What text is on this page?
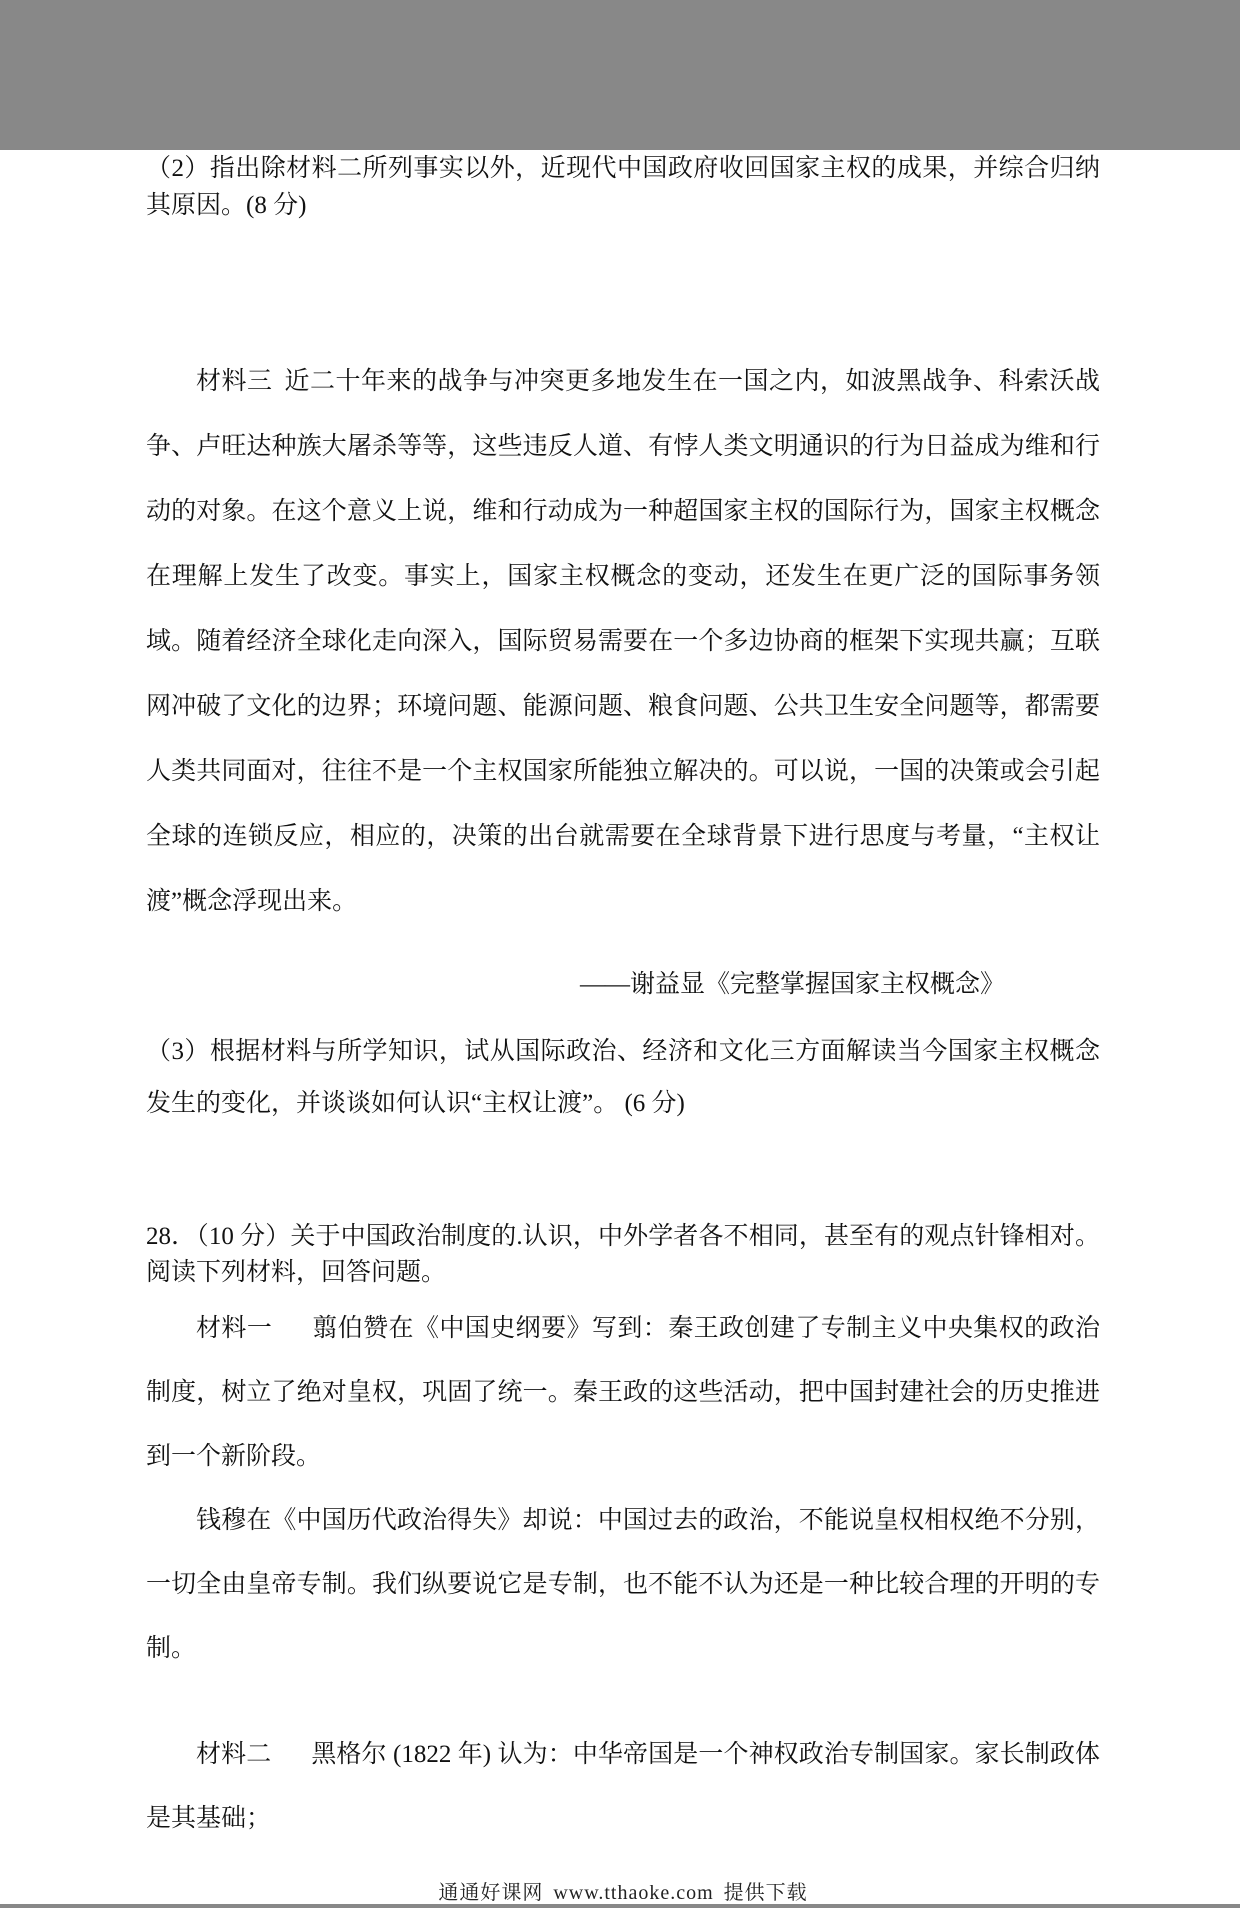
（2）指出除材料二所列事实以外，近现代中国政府收回国家主权的成果，并综合归纳其原因。(8 分)

材料三 近二十年来的战争与冲突更多地发生在一国之内，如波黑战争、科索沃战争、卢旺达种族大屠杀等等，这些违反人道、有悖人类文明通识的行为日益成为维和行动的对象。在这个意义上说，维和行动成为一种超国家主权的国际行为，国家主权概念在理解上发生了改变。事实上，国家主权概念的变动，还发生在更广泛的国际事务领域。随着经济全球化走向深入，国际贸易需要在一个多边协商的框架下实现共赢；互联网冲破了文化的边界；环境问题、能源问题、粮食问题、公共卫生安全问题等，都需要人类共同面对，往往不是一个主权国家所能独立解决的。可以说，一国的决策或会引起全球的连锁反应，相应的，决策的出台就需要在全球背景下进行思度与考量，“主权让渡”概念浮现出来。

——谢益显《完整掌握国家主权概念》

（3）根据材料与所学知识，试从国际政治、经济和文化三方面解读当今国家主权概念发生的变化，并谈谈如何认识“主权让渡”。 (6 分)

28．（10 分）关于中国政治制度的.认识，中外学者各不相同，甚至有的观点针锋相对。阅读下列材料，回答问题。

材料一 翦伯赞在《中国史纲要》写到：秦王政创建了专制主义中央集权的政治制度，树立了绝对皇权，巩固了统一。秦王政的这些活动，把中国封建社会的历史推进到一个新阶段。

钱穆在《中国历代政治得失》却说：中国过去的政治，不能说皇权相权绝不分别，一切全由皇帝专制。我们纵要说它是专制，也不能不认为还是一种比较合理的开明的专制。

材料二 黑格尔 (1822 年) 认为：中华帝国是一个神权政治专制国家。家长制政体是其基础；

通通好课网 www.tthaoke.com 提供下载
